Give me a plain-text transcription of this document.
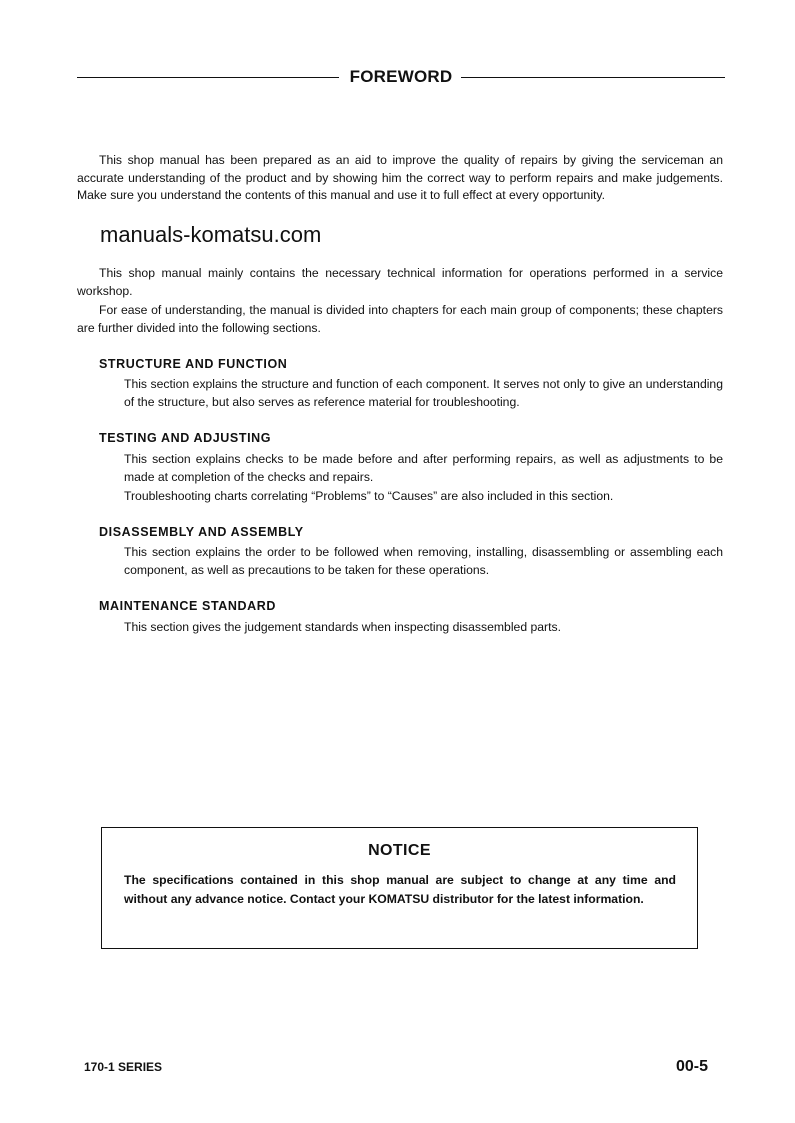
FOREWORD

This shop manual has been prepared as an aid to improve the quality of repairs by giving the serviceman an accurate understanding of the product and by showing him the correct way to perform repairs and make judgements. Make sure you understand the contents of this manual and use it to full effect at every opportunity.

manuals-komatsu.com

This shop manual mainly contains the necessary technical information for operations performed in a service workshop.

For ease of understanding, the manual is divided into chapters for each main group of components; these chapters are further divided into the following sections.

STRUCTURE AND FUNCTION

This section explains the structure and function of each component. It serves not only to give an understanding of the structure, but also serves as reference material for troubleshooting.

TESTING AND ADJUSTING

This section explains checks to be made before and after performing repairs, as well as adjustments to be made at completion of the checks and repairs.

Troubleshooting charts correlating “Problems” to “Causes” are also included in this section.

DISASSEMBLY AND ASSEMBLY

This section explains the order to be followed when removing, installing, disassembling or assembling each component, as well as precautions to be taken for these operations.

MAINTENANCE STANDARD

This section gives the judgement standards when inspecting disassembled parts.

NOTICE

The specifications contained in this shop manual are subject to change at any time and without any advance notice. Contact your KOMATSU distributor for the latest information.

170-1 SERIES	00-5
